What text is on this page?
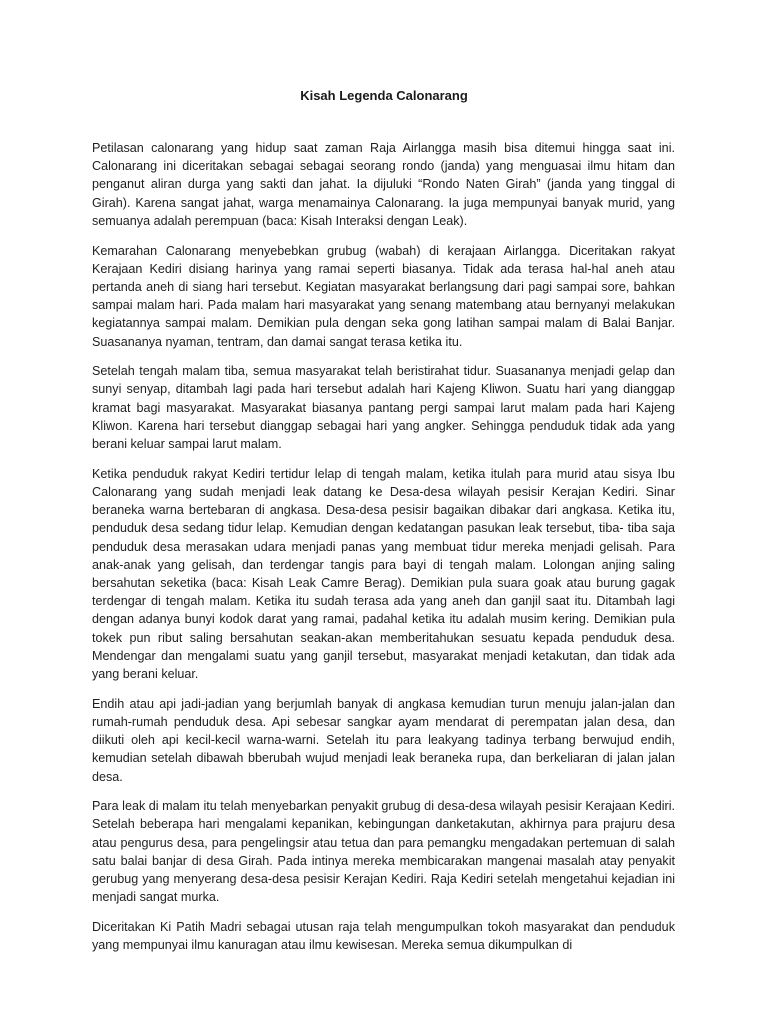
Kisah Legenda Calonarang

Petilasan calonarang yang hidup saat zaman Raja Airlangga masih bisa ditemui hingga saat ini. Calonarang ini diceritakan sebagai sebagai seorang rondo (janda) yang menguasai ilmu hitam dan penganut aliran durga yang sakti dan jahat. Ia dijuluki “Rondo Naten Girah” (janda yang tinggal di Girah). Karena sangat jahat, warga menamainya Calonarang. Ia juga mempunyai banyak murid, yang semuanya adalah perempuan (baca: Kisah Interaksi dengan Leak).

Kemarahan Calonarang menyebebkan grubug (wabah) di kerajaan Airlangga. Diceritakan rakyat Kerajaan Kediri disiang harinya yang ramai seperti biasanya. Tidak ada terasa hal-hal aneh atau pertanda aneh di siang hari tersebut. Kegiatan masyarakat berlangsung dari pagi sampai sore, bahkan sampai malam hari. Pada malam hari masyarakat yang senang matembang atau bernyanyi melakukan kegiatannya sampai malam. Demikian pula dengan seka gong latihan sampai malam di Balai Banjar. Suasananya nyaman, tentram, dan damai sangat terasa ketika itu.

Setelah tengah malam tiba, semua masyarakat telah beristirahat tidur. Suasananya menjadi gelap dan sunyi senyap, ditambah lagi pada hari tersebut adalah hari Kajeng Kliwon. Suatu hari yang dianggap kramat bagi masyarakat. Masyarakat biasanya pantang pergi sampai larut malam pada hari Kajeng Kliwon. Karena hari tersebut dianggap sebagai hari yang angker. Sehingga penduduk tidak ada yang berani keluar sampai larut malam.

Ketika penduduk rakyat Kediri tertidur lelap di tengah malam, ketika itulah para murid atau sisya Ibu Calonarang yang sudah menjadi leak datang ke Desa-desa wilayah pesisir Kerajan Kediri. Sinar beraneka warna bertebaran di angkasa. Desa-desa pesisir bagaikan dibakar dari angkasa. Ketika itu, penduduk desa sedang tidur lelap. Kemudian dengan kedatangan pasukan leak tersebut, tiba- tiba saja penduduk desa merasakan udara menjadi panas yang membuat tidur mereka menjadi gelisah. Para anak-anak yang gelisah, dan terdengar tangis para bayi di tengah malam. Lolongan anjing saling bersahutan seketika (baca: Kisah Leak Camre Berag). Demikian pula suara goak atau burung gagak terdengar di tengah malam. Ketika itu sudah terasa ada yang aneh dan ganjil saat itu. Ditambah lagi dengan adanya bunyi kodok darat yang ramai, padahal ketika itu adalah musim kering. Demikian pula tokek pun ribut saling bersahutan seakan-akan memberitahukan sesuatu kepada penduduk desa. Mendengar dan mengalami suatu yang ganjil tersebut, masyarakat menjadi ketakutan, dan tidak ada yang berani keluar.

Endih atau api jadi-jadian yang berjumlah banyak di angkasa kemudian turun menuju jalan-jalan dan rumah-rumah penduduk desa. Api sebesar sangkar ayam mendarat di perempatan jalan desa, dan diikuti oleh api kecil-kecil warna-warni. Setelah itu para leakyang tadinya terbang berwujud endih, kemudian setelah dibawah bberubah wujud menjadi leak beraneka rupa, dan berkeliaran di jalan jalan desa.

Para leak di malam itu telah menyebarkan penyakit grubug di desa-desa wilayah pesisir Kerajaan Kediri. Setelah beberapa hari mengalami kepanikan, kebingungan danketakutan, akhirnya para prajuru desa atau pengurus desa, para pengelingsir atau tetua dan para pemangku mengadakan pertemuan di salah satu balai banjar di desa Girah. Pada intinya mereka membicarakan mangenai masalah atay penyakit gerubug yang menyerang desa-desa pesisir Kerajan Kediri. Raja Kediri setelah mengetahui kejadian ini menjadi sangat murka.

Diceritakan Ki Patih Madri sebagai utusan raja telah mengumpulkan tokoh masyarakat dan penduduk yang mempunyai ilmu kanuragan atau ilmu kewisesan. Mereka semua dikumpulkan di
